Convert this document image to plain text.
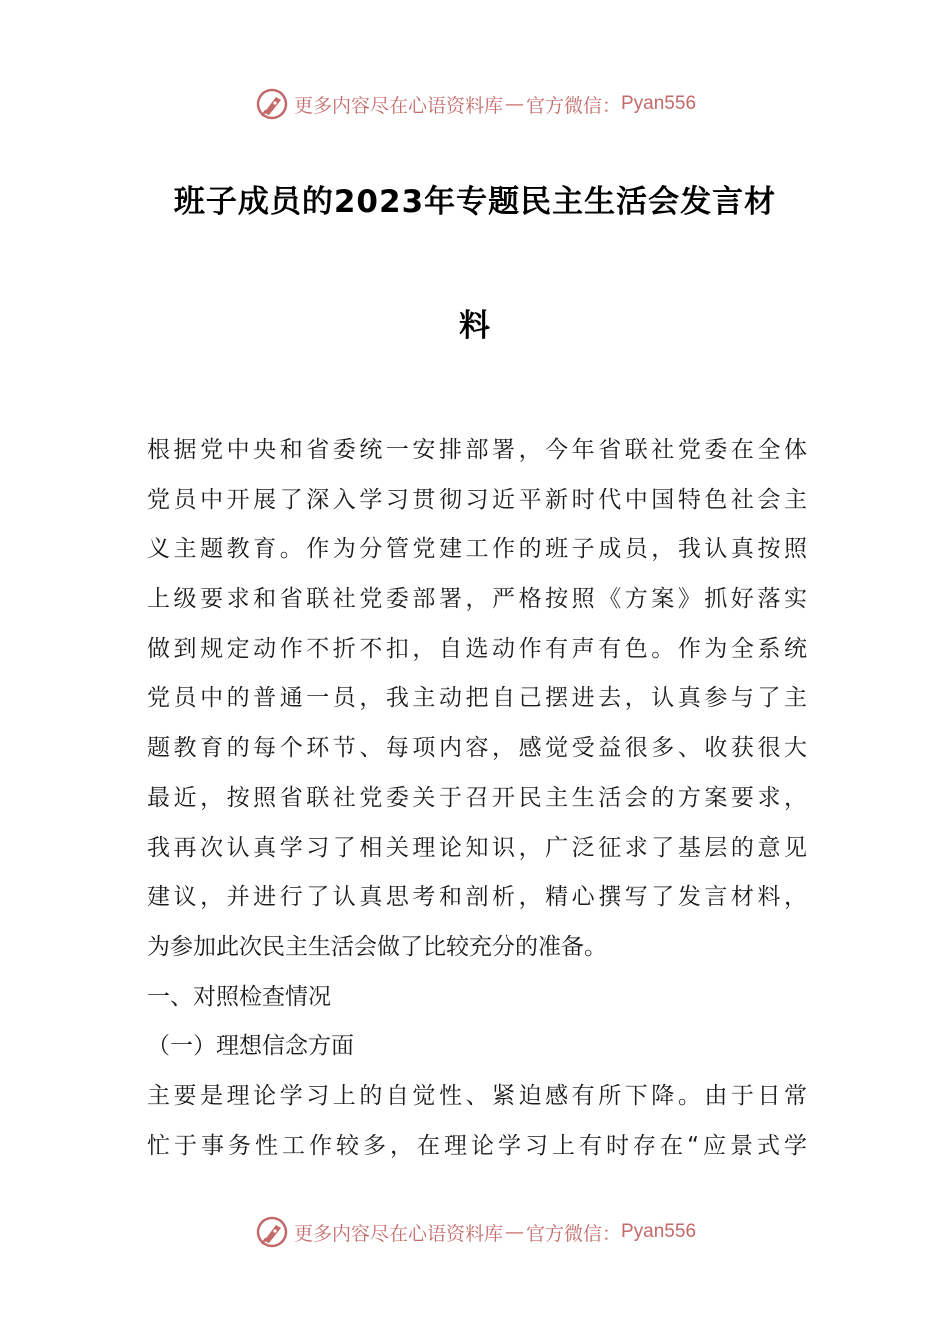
更多内容尽在心语资料库 — 官方微信： Pyan556
班子成员的2023年专题民主生活会发言材
料
根据党中央和省委统一安排部署，今年省联社党委在全体
党员中开展了深入学习贯彻习近平新时代中国特色社会主
义主题教育。作为分管党建工作的班子成员，我认真按照
上级要求和省联社党委部署，严格按照《方案》抓好落实
做到规定动作不折不扣，自选动作有声有色。作为全系统
党员中的普通一员，我主动把自己摆进去，认真参与了主
题教育的每个环节、每项内容，感觉受益很多、收获很大
最近，按照省联社党委关于召开民主生活会的方案要求，
我再次认真学习了相关理论知识，广泛征求了基层的意见
建议，并进行了认真思考和剖析，精心撰写了发言材料，
为参加此次民主生活会做了比较充分的准备。
一、对照检查情况
（一）理想信念方面
主要是理论学习上的自觉性、紧迫感有所下降。由于日常
忙于事务性工作较多，在理论学习上有时存在“应景式学
更多内容尽在心语资料库 — 官方微信： Pyan556
